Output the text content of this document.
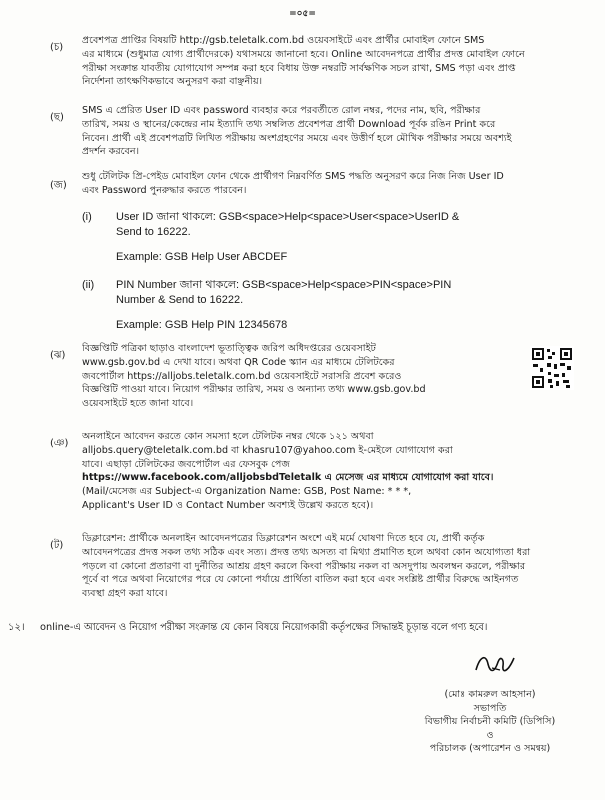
=০৫=
(চ)
প্রবেশপত্র প্রাপ্তির বিষয়টি http://gsb.teletalk.com.bd ওয়েবসাইটে এবং প্রার্থীর মোবাইল ফোনে SMS
এর মাধ্যমে (শুধুমাত্র যোগ্য প্রার্থীদেরকে) যথাসময়ে জানানো হবে। Online আবেদনপত্রে প্রার্থীর প্রদত্ত মোবাইল ফোনে
পরীক্ষা সংক্রান্ত যাবতীয় যোগাযোগ সম্পন্ন করা হবে বিধায় উক্ত নম্বরটি সার্বক্ষণিক সচল রাখা, SMS পড়া এবং প্রাপ্ত
নির্দেশনা তাৎক্ষণিকভাবে অনুসরণ করা বাঞ্ছনীয়।
(ছ)
SMS এ প্রেরিত User ID এবং password ব্যবহার করে পরবর্তীতে রোল নম্বর, পদের নাম, ছবি, পরীক্ষার
তারিখ, সময় ও স্থানের/কেন্দ্রের নাম ইত্যাদি তথ্য সম্বলিত প্রবেশপত্র প্রার্থী Download পূর্বক রঙিন Print করে
নিবেন। প্রার্থী এই প্রবেশপত্রটি লিখিত পরীক্ষায় অংশগ্রহণের সময়ে এবং উত্তীর্ণ হলে মৌখিক পরীক্ষার সময়ে অবশ্যই
প্রদর্শন করবেন।
(জ)
শুধু টেলিটক প্রি-পেইড মোবাইল ফোন থেকে প্রার্থীগণ নিম্নবর্ণিত SMS পদ্ধতি অনুসরণ করে নিজ নিজ User ID
এবং Password পুনরুদ্ধার করতে পারবেন।
(i) User ID জানা থাকলে: GSB<space>Help<space>User<space>UserID &
Send to 16222.
Example: GSB Help User ABCDEF
(ii) PIN Number জানা থাকলে: GSB<space>Help<space>PIN<space>PIN
Number & Send to 16222.
Example: GSB Help PIN 12345678
(ঝ)
বিজ্ঞপ্তিটি পত্রিকা ছাড়াও বাংলাদেশ ভূতাত্ত্বিক জরিপ অধিদপ্তরের ওয়েবসাইট
www.gsb.gov.bd এ দেখা যাবে। অথবা QR Code স্ক্যান এর মাধ্যমে টেলিটকের
জবপোর্টাল https://alljobs.teletalk.com.bd ওয়েবসাইটে সরাসরি প্রবেশ করেও
বিজ্ঞপ্তিটি পাওয়া যাবে। নিয়োগ পরীক্ষার তারিখ, সময় ও অন্যান্য তথ্য www.gsb.gov.bd
ওয়েবসাইটে হতে জানা যাবে।
(ঞ)
অনলাইনে আবেদন করতে কোন সমস্যা হলে টেলিটক নম্বর থেকে ১২১ অথবা
alljobs.query@teletalk.com.bd বা khasru107@yahoo.com ই-মেইলে যোগাযোগ করা
যাবে। এছাড়া টেলিটকের জবপোর্টাল এর ফেসবুক পেজ
https://www.facebook.com/alljobsbdTeletalk এ মেসেজ এর মাধ্যমে যোগাযোগ করা যাবে।
(Mail/মেসেজ এর Subject-এ Organization Name: GSB, Post Name: * * *,
Applicant's User ID ও Contact Number অবশ্যই উল্লেখ করতে হবে)।
(ট)
ডিক্লারেশন: প্রার্থীকে অনলাইন আবেদনপত্রের ডিক্লারেশন অংশে এই মর্মে ঘোষণা দিতে হবে যে, প্রার্থী কর্তৃক
আবেদনপত্রের প্রদত্ত সকল তথ্য সঠিক এবং সত্য। প্রদত্ত তথ্য অসত্য বা মিথ্যা প্রমাণিত হলে অথবা কোন অযোগ্যতা ধরা
পড়লে বা কোনো প্রতারণা বা দুর্নীতির আশ্রয় গ্রহণ করলে কিংবা পরীক্ষায় নকল বা অসদুপায় অবলম্বন করলে, পরীক্ষার
পূর্বে বা পরে অথবা নিয়োগের পরে যে কোনো পর্যায়ে প্রার্থিতা বাতিল করা হবে এবং সংশ্লিষ্ট প্রার্থীর বিরুদ্ধে আইনগত
ব্যবস্থা গ্রহণ করা যাবে।
১২। online-এ আবেদন ও নিয়োগ পরীক্ষা সংক্রান্ত যে কোন বিষয়ে নিয়োগকারী কর্তৃপক্ষের সিদ্ধান্তই চূড়ান্ত বলে গণ্য হবে।
(মোঃ কামরুল আহসান)
সভাপতি
বিভাগীয় নির্বাচনী কমিটি (ডিপিসি)
ও
পরিচালক (অপারেশন ও সমন্বয়)
